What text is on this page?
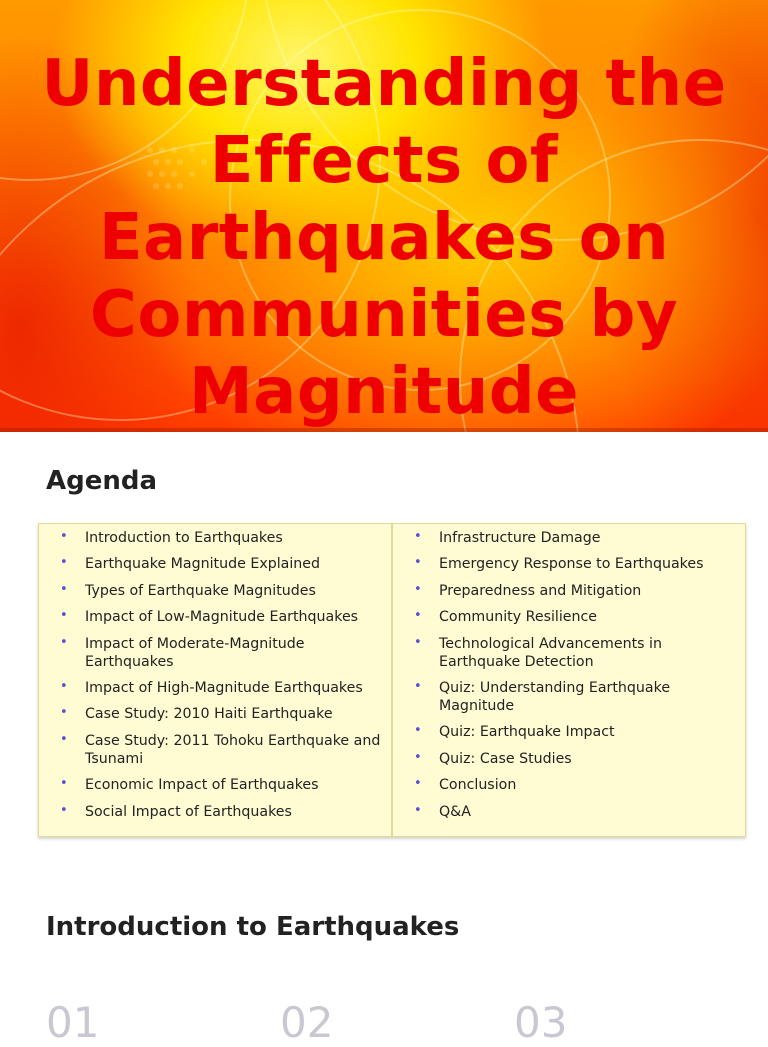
Understanding the Effects of Earthquakes on Communities by Magnitude
Agenda
• Introduction to Earthquakes
• Earthquake Magnitude Explained
• Types of Earthquake Magnitudes
• Impact of Low-Magnitude Earthquakes
• Impact of Moderate-Magnitude Earthquakes
• Impact of High-Magnitude Earthquakes
• Case Study: 2010 Haiti Earthquake
• Case Study: 2011 Tohoku Earthquake and Tsunami
• Economic Impact of Earthquakes
• Social Impact of Earthquakes
• Infrastructure Damage
• Emergency Response to Earthquakes
• Preparedness and Mitigation
• Community Resilience
• Technological Advancements in Earthquake Detection
• Quiz: Understanding Earthquake Magnitude
• Quiz: Earthquake Impact
• Quiz: Case Studies
• Conclusion
• Q&A
Introduction to Earthquakes
01	02	03
